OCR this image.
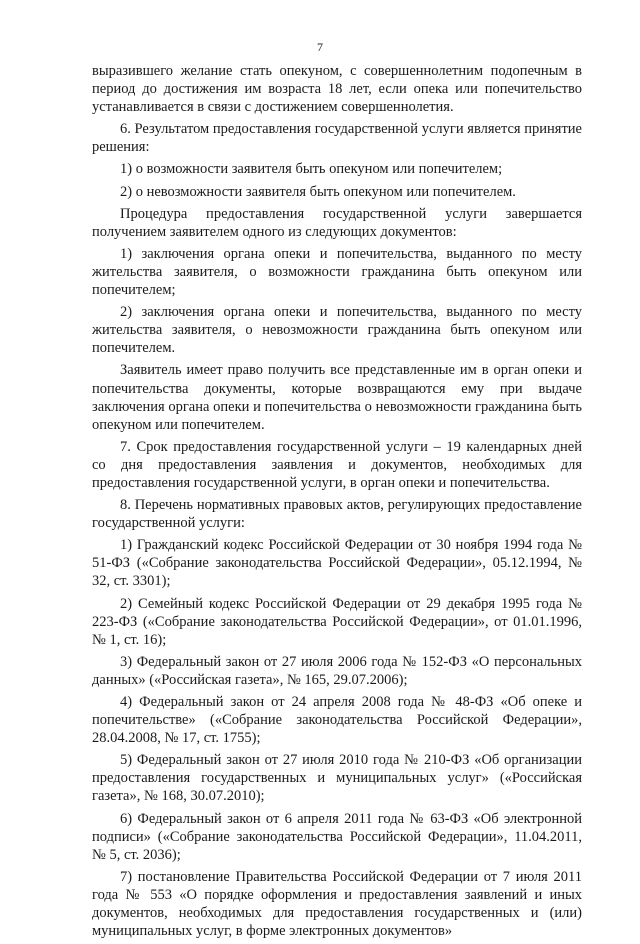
7

выразившего желание стать опекуном, с совершеннолетним подопечным в период до достижения им возраста 18 лет, если опека или попечительство устанавливается в связи с достижением совершеннолетия.

6. Результатом предоставления государственной услуги является принятие решения:

1) о возможности заявителя быть опекуном или попечителем;

2) о невозможности заявителя быть опекуном или попечителем.

Процедура предоставления государственной услуги завершается получением заявителем одного из следующих документов:

1) заключения органа опеки и попечительства, выданного по месту жительства заявителя, о возможности гражданина быть опекуном или попечителем;

2) заключения органа опеки и попечительства, выданного по месту жительства заявителя, о невозможности гражданина быть опекуном или попечителем.

Заявитель имеет право получить все представленные им в орган опеки и попечительства документы, которые возвращаются ему при выдаче заключения органа опеки и попечительства о невозможности гражданина быть опекуном или попечителем.

7. Срок предоставления государственной услуги – 19 календарных дней со дня предоставления заявления и документов, необходимых для предоставления государственной услуги, в орган опеки и попечительства.

8. Перечень нормативных правовых актов, регулирующих предоставление государственной услуги:

1) Гражданский кодекс Российской Федерации от 30 ноября 1994 года № 51-ФЗ («Собрание законодательства Российской Федерации», 05.12.1994, № 32, ст. 3301);

2) Семейный кодекс Российской Федерации от 29 декабря 1995 года № 223-ФЗ («Собрание законодательства Российской Федерации», от 01.01.1996, № 1, ст. 16);

3) Федеральный закон от 27 июля 2006 года № 152-ФЗ «О персональных данных» («Российская газета», № 165, 29.07.2006);

4) Федеральный закон от 24 апреля 2008 года № 48-ФЗ «Об опеке и попечительстве» («Собрание законодательства Российской Федерации», 28.04.2008, № 17, ст. 1755);

5) Федеральный закон от 27 июля 2010 года № 210-ФЗ «Об организации предоставления государственных и муниципальных услуг» («Российская газета», № 168, 30.07.2010);

6) Федеральный закон от 6 апреля 2011 года № 63-ФЗ «Об электронной подписи» («Собрание законодательства Российской Федерации», 11.04.2011, № 5, ст. 2036);

7) постановление Правительства Российской Федерации от 7 июля 2011 года № 553 «О порядке оформления и предоставления заявлений и иных документов, необходимых для предоставления государственных и (или) муниципальных услуг, в форме электронных документов»
